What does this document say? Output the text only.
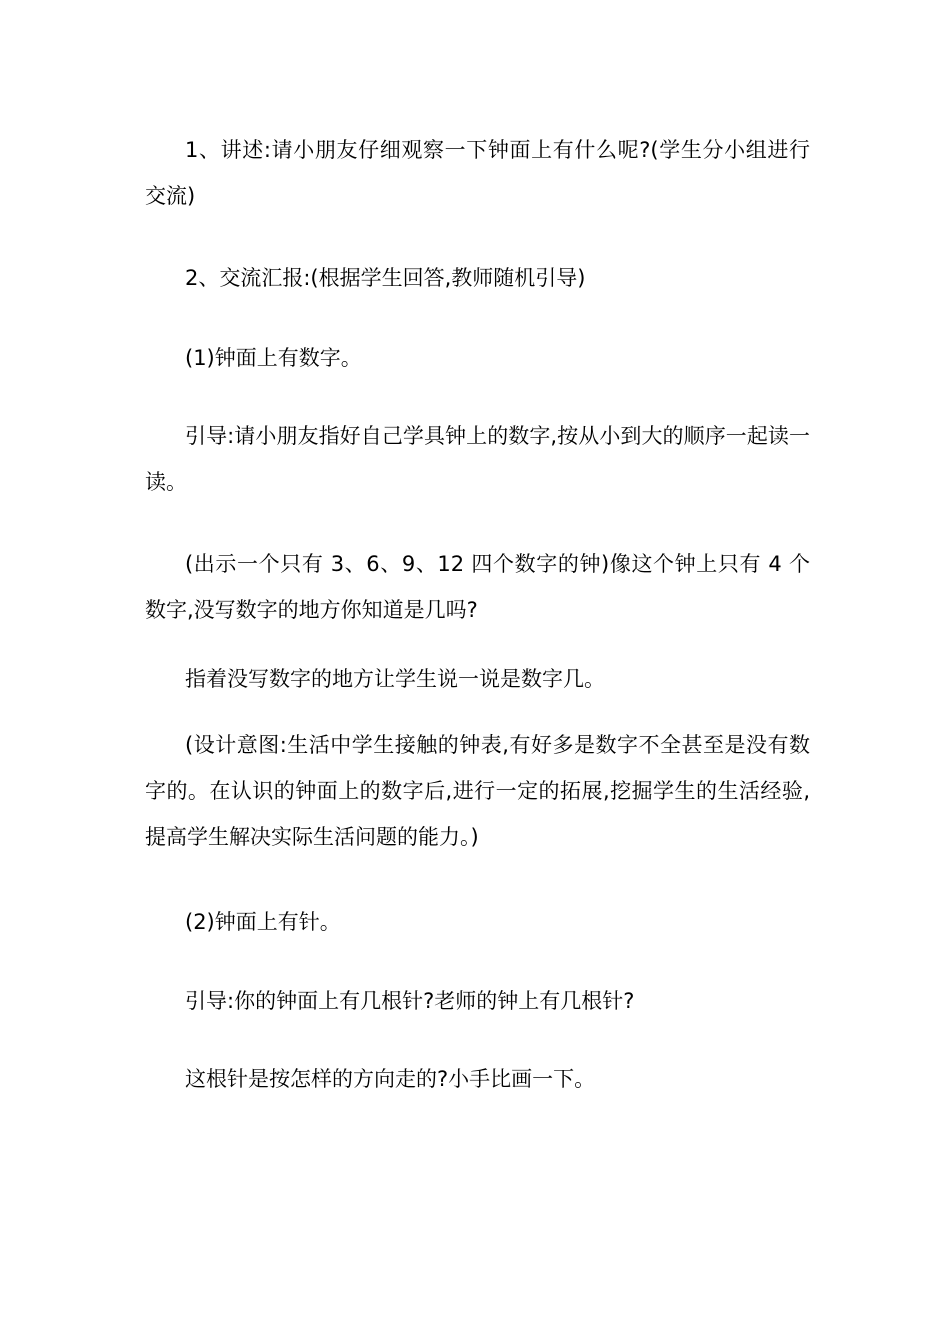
1、讲述:请小朋友仔细观察一下钟面上有什么呢?(学生分小组进行交流)

2、交流汇报:(根据学生回答,教师随机引导)

(1)钟面上有数字。

引导:请小朋友指好自己学具钟上的数字,按从小到大的顺序一起读一读。

(出示一个只有 3、6、9、12 四个数字的钟)像这个钟上只有 4 个数字,没写数字的地方你知道是几吗?

指着没写数字的地方让学生说一说是数字几。

(设计意图:生活中学生接触的钟表,有好多是数字不全甚至是没有数字的。在认识的钟面上的数字后,进行一定的拓展,挖掘学生的生活经验,提高学生解决实际生活问题的能力。)

(2)钟面上有针。

引导:你的钟面上有几根针?老师的钟上有几根针?

这根针是按怎样的方向走的?小手比画一下。
